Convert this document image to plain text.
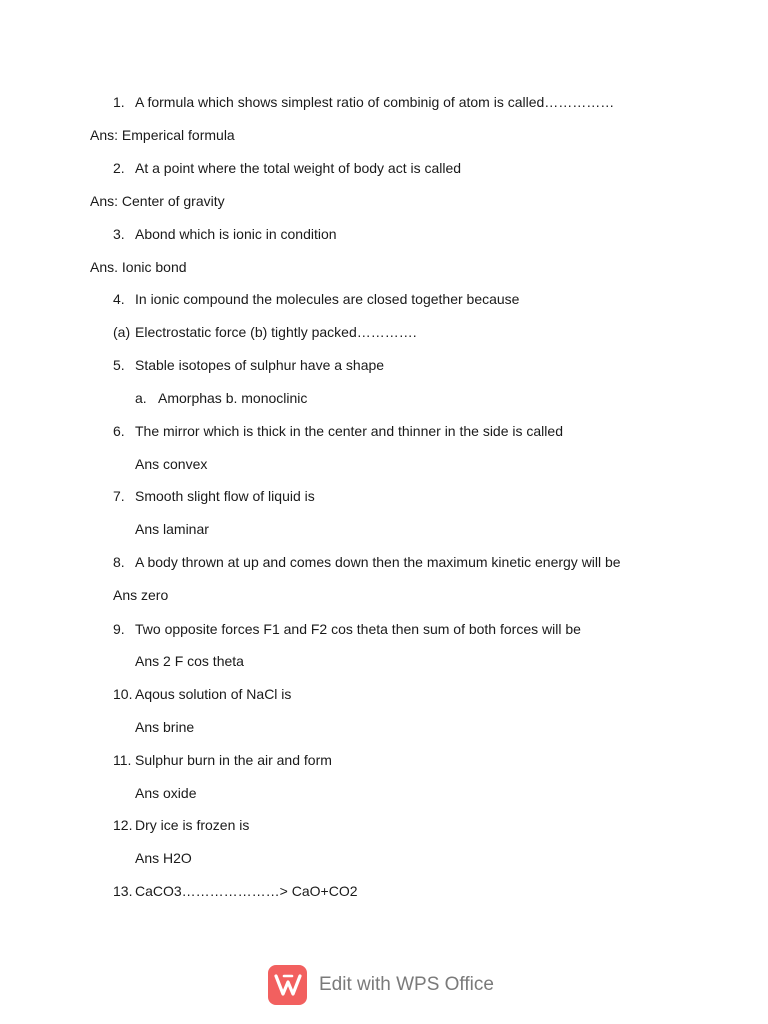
1. A formula which shows simplest ratio of combinig of atom is called……………
Ans: Emperical formula
2. At a point where the total weight of body act is called
Ans: Center of gravity
3. Abond which is ionic in condition
Ans. Ionic bond
4. In ionic compound the molecules are closed together because
(a) Electrostatic force (b) tightly packed………….
5. Stable isotopes of sulphur have a shape
a. Amorphas b. monoclinic
6. The mirror which is thick in the center and thinner in the side is called
Ans convex
7. Smooth slight flow of liquid is
Ans laminar
8. A body thrown at up and comes down then the maximum kinetic energy will be
Ans zero
9. Two opposite forces F1 and F2 cos theta then sum of both forces will be
Ans 2 F cos theta
10. Aqous solution of NaCl is
Ans brine
11. Sulphur burn in the air and form
Ans oxide
12. Dry ice is frozen is
Ans H2O
13. CaCO3…………………> CaO+CO2
Edit with WPS Office
